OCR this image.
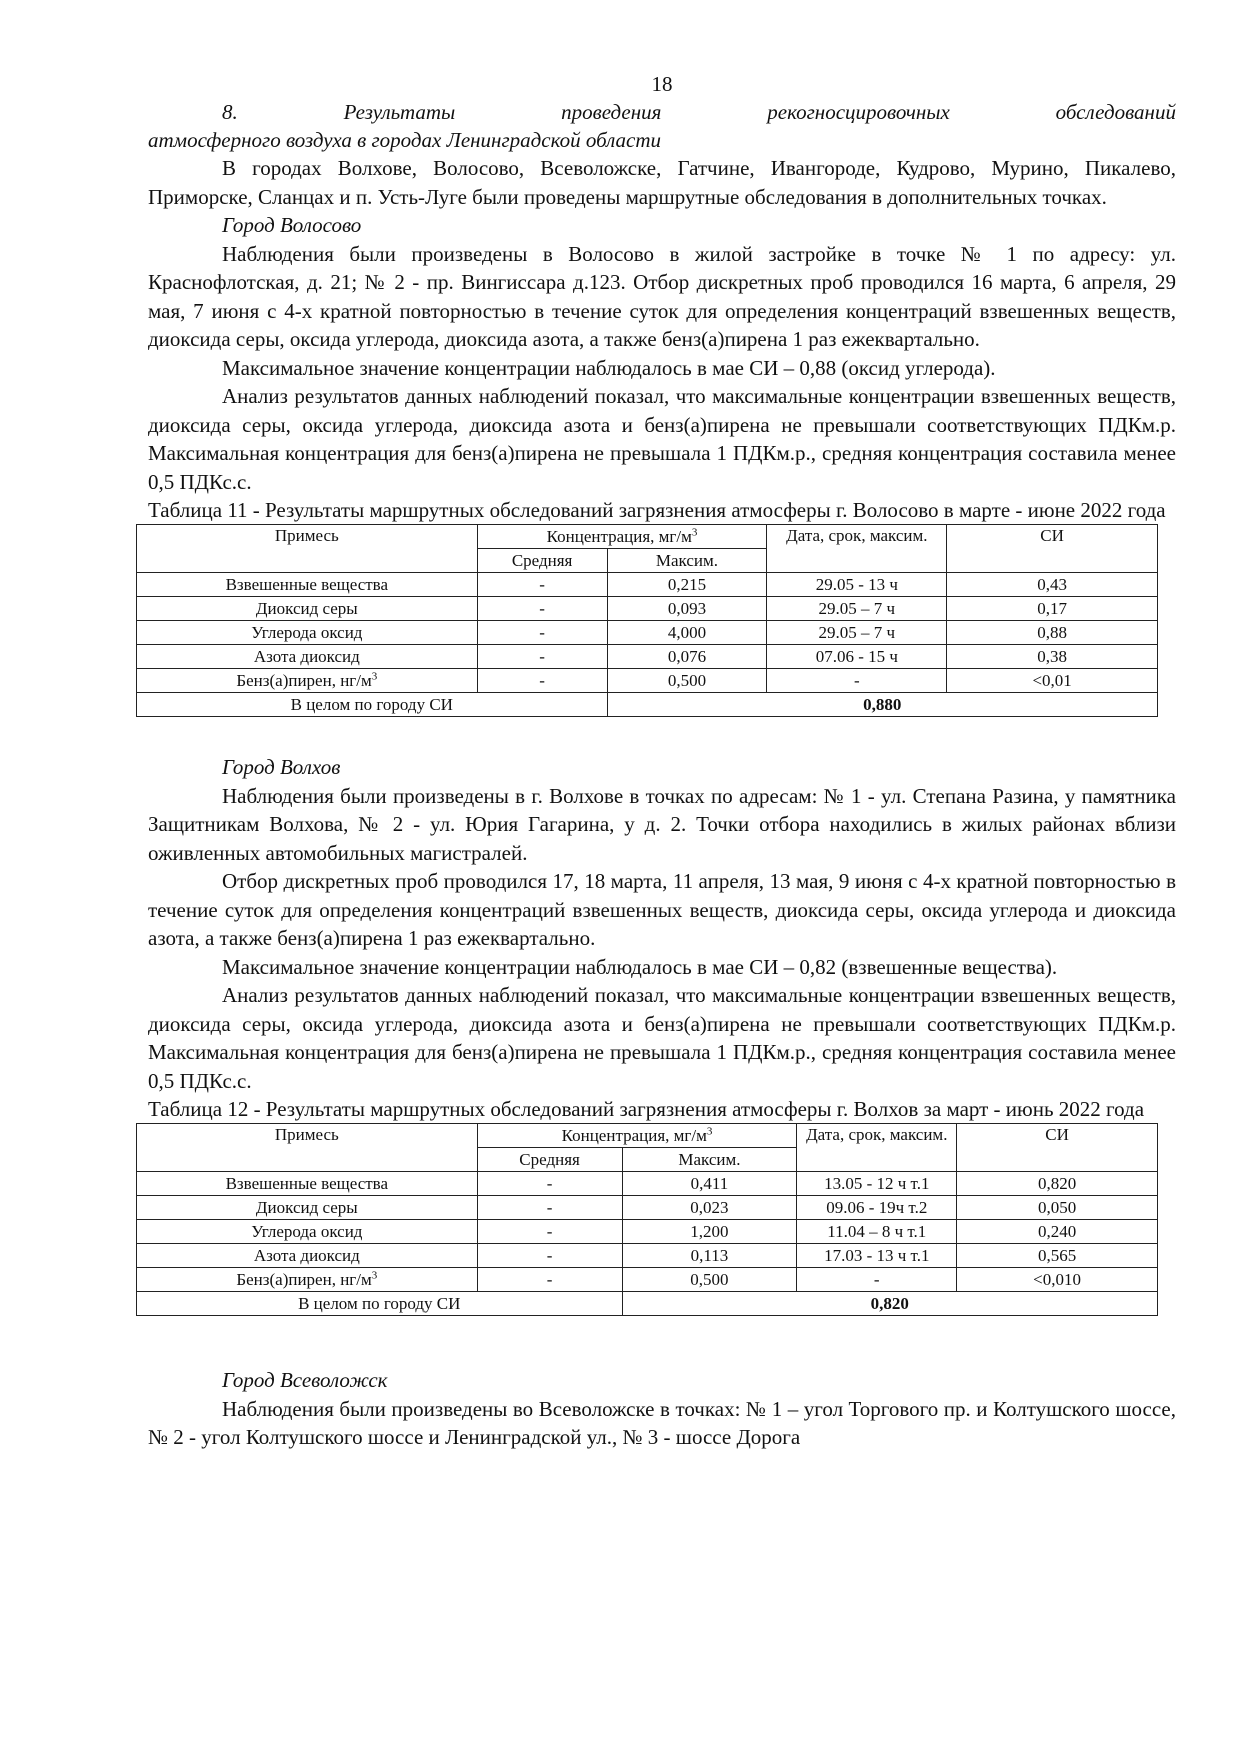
18
8.	Результаты	проведения	рекогносцировочных	обследований
атмосферного воздуха в городах Ленинградской области

В городах Волхове, Волосово, Всеволожске, Гатчине, Ивангороде, Кудрово, Мурино, Пикалево, Приморске, Сланцах и п. Усть-Луге были проведены маршрутные обследования в дополнительных точках.

Город Волосово

Наблюдения были произведены в Волосово в жилой застройке в точке № 1 по адресу: ул. Краснофлотская, д. 21; № 2 - пр. Вингиссара д.123. Отбор дискретных проб проводился 16 марта, 6 апреля, 29 мая, 7 июня с 4-х кратной повторностью в течение суток для определения концентраций взвешенных веществ, диоксида серы, оксида углерода, диоксида азота, а также бенз(а)пирена 1 раз ежеквартально.

Максимальное значение концентрации наблюдалось в мае СИ – 0,88 (оксид углерода).

Анализ результатов данных наблюдений показал, что максимальные концентрации взвешенных веществ, диоксида серы, оксида углерода, диоксида азота и бенз(а)пирена не превышали соответствующих ПДКм.р. Максимальная концентрация для бенз(а)пирена не превышала 1 ПДКм.р., средняя концентрация составила менее 0,5 ПДКс.с.

Таблица 11 - Результаты маршрутных обследований загрязнения атмосферы г. Волосово в марте - июне 2022 года
Примесь	Концентрация, $мг/м^3$		Дата, срок, максим.	СИ
	Средняя	Максим.		
Взвешенные вещества	-	0,215	29.05 - 13 ч	0,43
Диоксид серы	-	0,093	29.05 – 7 ч	0,17
Углерода оксид	-	4,000	29.05 – 7 ч	0,88
Азота диоксид	-	0,076	07.06 - 15 ч	0,38
Бенз(а)пирен, $нг/м^3$	-	0,500	-	<0,01
В целом по городу СИ		0,880		

Город Волхов

Наблюдения были произведены в г. Волхове в точках по адресам: № 1 - ул. Степана Разина, у памятника Защитникам Волхова, № 2 - ул. Юрия Гагарина, у д. 2. Точки отбора находились в жилых районах вблизи оживленных автомобильных магистралей.

Отбор дискретных проб проводился 17, 18 марта, 11 апреля, 13 мая, 9 июня с 4-х кратной повторностью в течение суток для определения концентраций взвешенных веществ, диоксида серы, оксида углерода и диоксида азота, а также бенз(а)пирена 1 раз ежеквартально.

Максимальное значение концентрации наблюдалось в мае СИ – 0,82 (взвешенные вещества).

Анализ результатов данных наблюдений показал, что максимальные концентрации взвешенных веществ, диоксида серы, оксида углерода, диоксида азота и бенз(а)пирена не превышали соответствующих ПДКм.р. Максимальная концентрация для бенз(а)пирена не превышала 1 ПДКм.р., средняя концентрация составила менее 0,5 ПДКс.с.

Таблица 12 - Результаты маршрутных обследований загрязнения атмосферы г. Волхов за март - июнь 2022 года
Примесь	Концентрация, $мг/м^3$		Дата, срок, максим.	СИ
	Средняя	Максим.		
Взвешенные вещества	-	0,411	13.05 - 12 ч т.1	0,820
Диоксид серы	-	0,023	09.06 - 19ч т.2	0,050
Углерода оксид	-	1,200	11.04 – 8 ч т.1	0,240
Азота диоксид	-	0,113	17.03 - 13 ч т.1	0,565
Бенз(а)пирен, $нг/м^3$	-	0,500	-	<0,010
В целом по городу СИ		0,820		

Город Всеволожск

Наблюдения были произведены во Всеволожске в точках: № 1 – угол Торгового пр. и Колтушского шоссе, № 2 - угол Колтушского шоссе и Ленинградской ул., № 3 - шоссе Дорога
